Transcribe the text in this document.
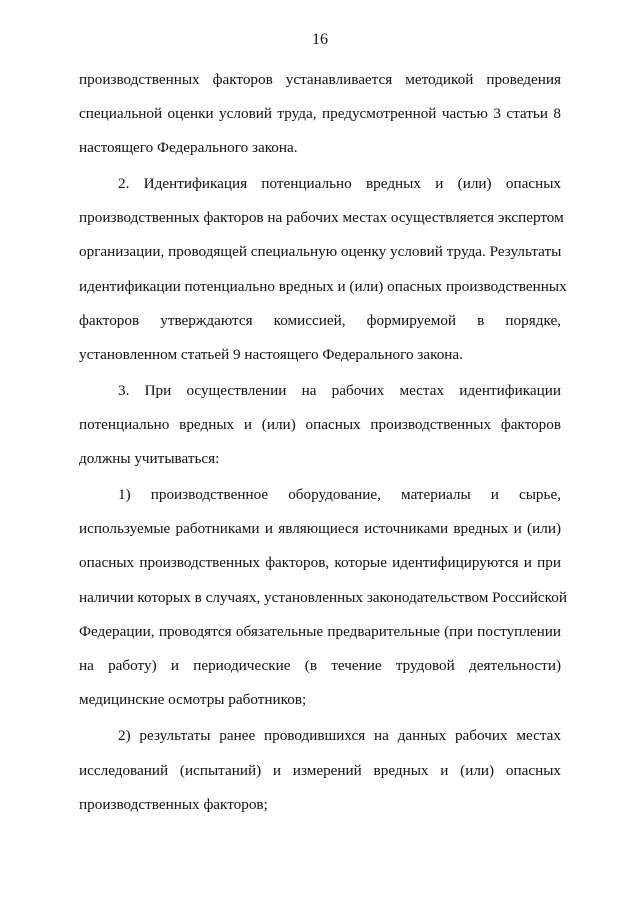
16
производственных факторов устанавливается методикой проведения
специальной оценки условий труда, предусмотренной частью 3 статьи 8
настоящего Федерального закона.
2. Идентификация потенциально вредных и (или) опасных
производственных факторов на рабочих местах осуществляется экспертом
организации, проводящей специальную оценку условий труда. Результаты
идентификации потенциально вредных и (или) опасных производственных
факторов утверждаются комиссией, формируемой в порядке,
установленном статьей 9 настоящего Федерального закона.
3. При осуществлении на рабочих местах идентификации
потенциально вредных и (или) опасных производственных факторов
должны учитываться:
1) производственное оборудование, материалы и сырье,
используемые работниками и являющиеся источниками вредных и (или)
опасных производственных факторов, которые идентифицируются и при
наличии которых в случаях, установленных законодательством Российской
Федерации, проводятся обязательные предварительные (при поступлении
на работу) и периодические (в течение трудовой деятельности)
медицинские осмотры работников;
2) результаты ранее проводившихся на данных рабочих местах
исследований (испытаний) и измерений вредных и (или) опасных
производственных факторов;
